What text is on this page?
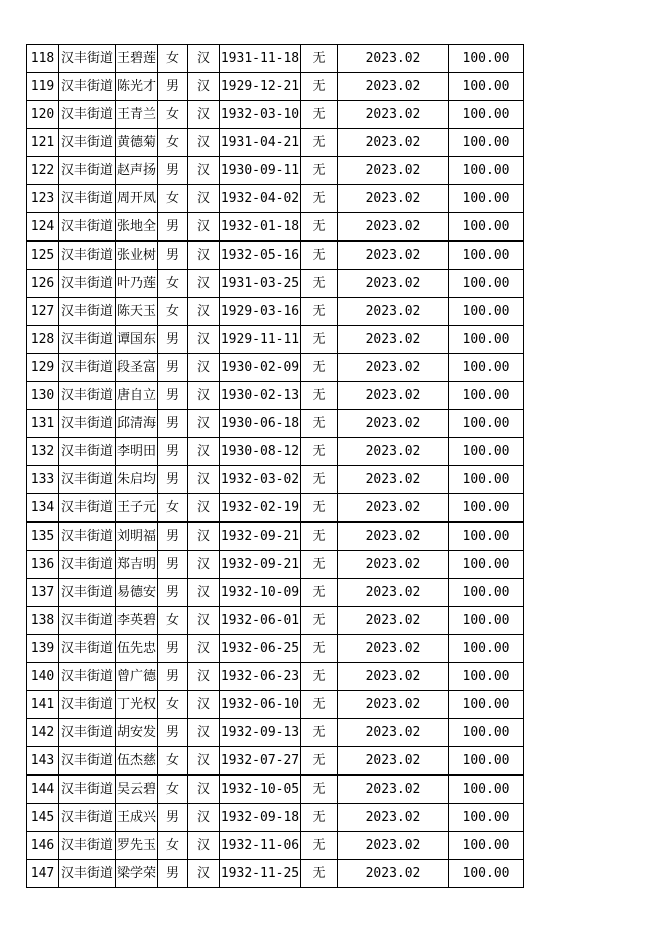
118	汉丰街道	王碧莲	女	汉	1931-11-18	无	2023.02	100.00
119	汉丰街道	陈光才	男	汉	1929-12-21	无	2023.02	100.00
120	汉丰街道	王青兰	女	汉	1932-03-10	无	2023.02	100.00
121	汉丰街道	黄德菊	女	汉	1931-04-21	无	2023.02	100.00
122	汉丰街道	赵声扬	男	汉	1930-09-11	无	2023.02	100.00
123	汉丰街道	周开凤	女	汉	1932-04-02	无	2023.02	100.00
124	汉丰街道	张地全	男	汉	1932-01-18	无	2023.02	100.00
125	汉丰街道	张业树	男	汉	1932-05-16	无	2023.02	100.00
126	汉丰街道	叶乃莲	女	汉	1931-03-25	无	2023.02	100.00
127	汉丰街道	陈天玉	女	汉	1929-03-16	无	2023.02	100.00
128	汉丰街道	谭国东	男	汉	1929-11-11	无	2023.02	100.00
129	汉丰街道	段圣富	男	汉	1930-02-09	无	2023.02	100.00
130	汉丰街道	唐自立	男	汉	1930-02-13	无	2023.02	100.00
131	汉丰街道	邱清海	男	汉	1930-06-18	无	2023.02	100.00
132	汉丰街道	李明田	男	汉	1930-08-12	无	2023.02	100.00
133	汉丰街道	朱启均	男	汉	1932-03-02	无	2023.02	100.00
134	汉丰街道	王子元	女	汉	1932-02-19	无	2023.02	100.00
135	汉丰街道	刘明福	男	汉	1932-09-21	无	2023.02	100.00
136	汉丰街道	郑吉明	男	汉	1932-09-21	无	2023.02	100.00
137	汉丰街道	易德安	男	汉	1932-10-09	无	2023.02	100.00
138	汉丰街道	李英碧	女	汉	1932-06-01	无	2023.02	100.00
139	汉丰街道	伍先忠	男	汉	1932-06-25	无	2023.02	100.00
140	汉丰街道	曾广德	男	汉	1932-06-23	无	2023.02	100.00
141	汉丰街道	丁光权	女	汉	1932-06-10	无	2023.02	100.00
142	汉丰街道	胡安发	男	汉	1932-09-13	无	2023.02	100.00
143	汉丰街道	伍杰慈	女	汉	1932-07-27	无	2023.02	100.00
144	汉丰街道	吴云碧	女	汉	1932-10-05	无	2023.02	100.00
145	汉丰街道	王成兴	男	汉	1932-09-18	无	2023.02	100.00
146	汉丰街道	罗先玉	女	汉	1932-11-06	无	2023.02	100.00
147	汉丰街道	梁学荣	男	汉	1932-11-25	无	2023.02	100.00
